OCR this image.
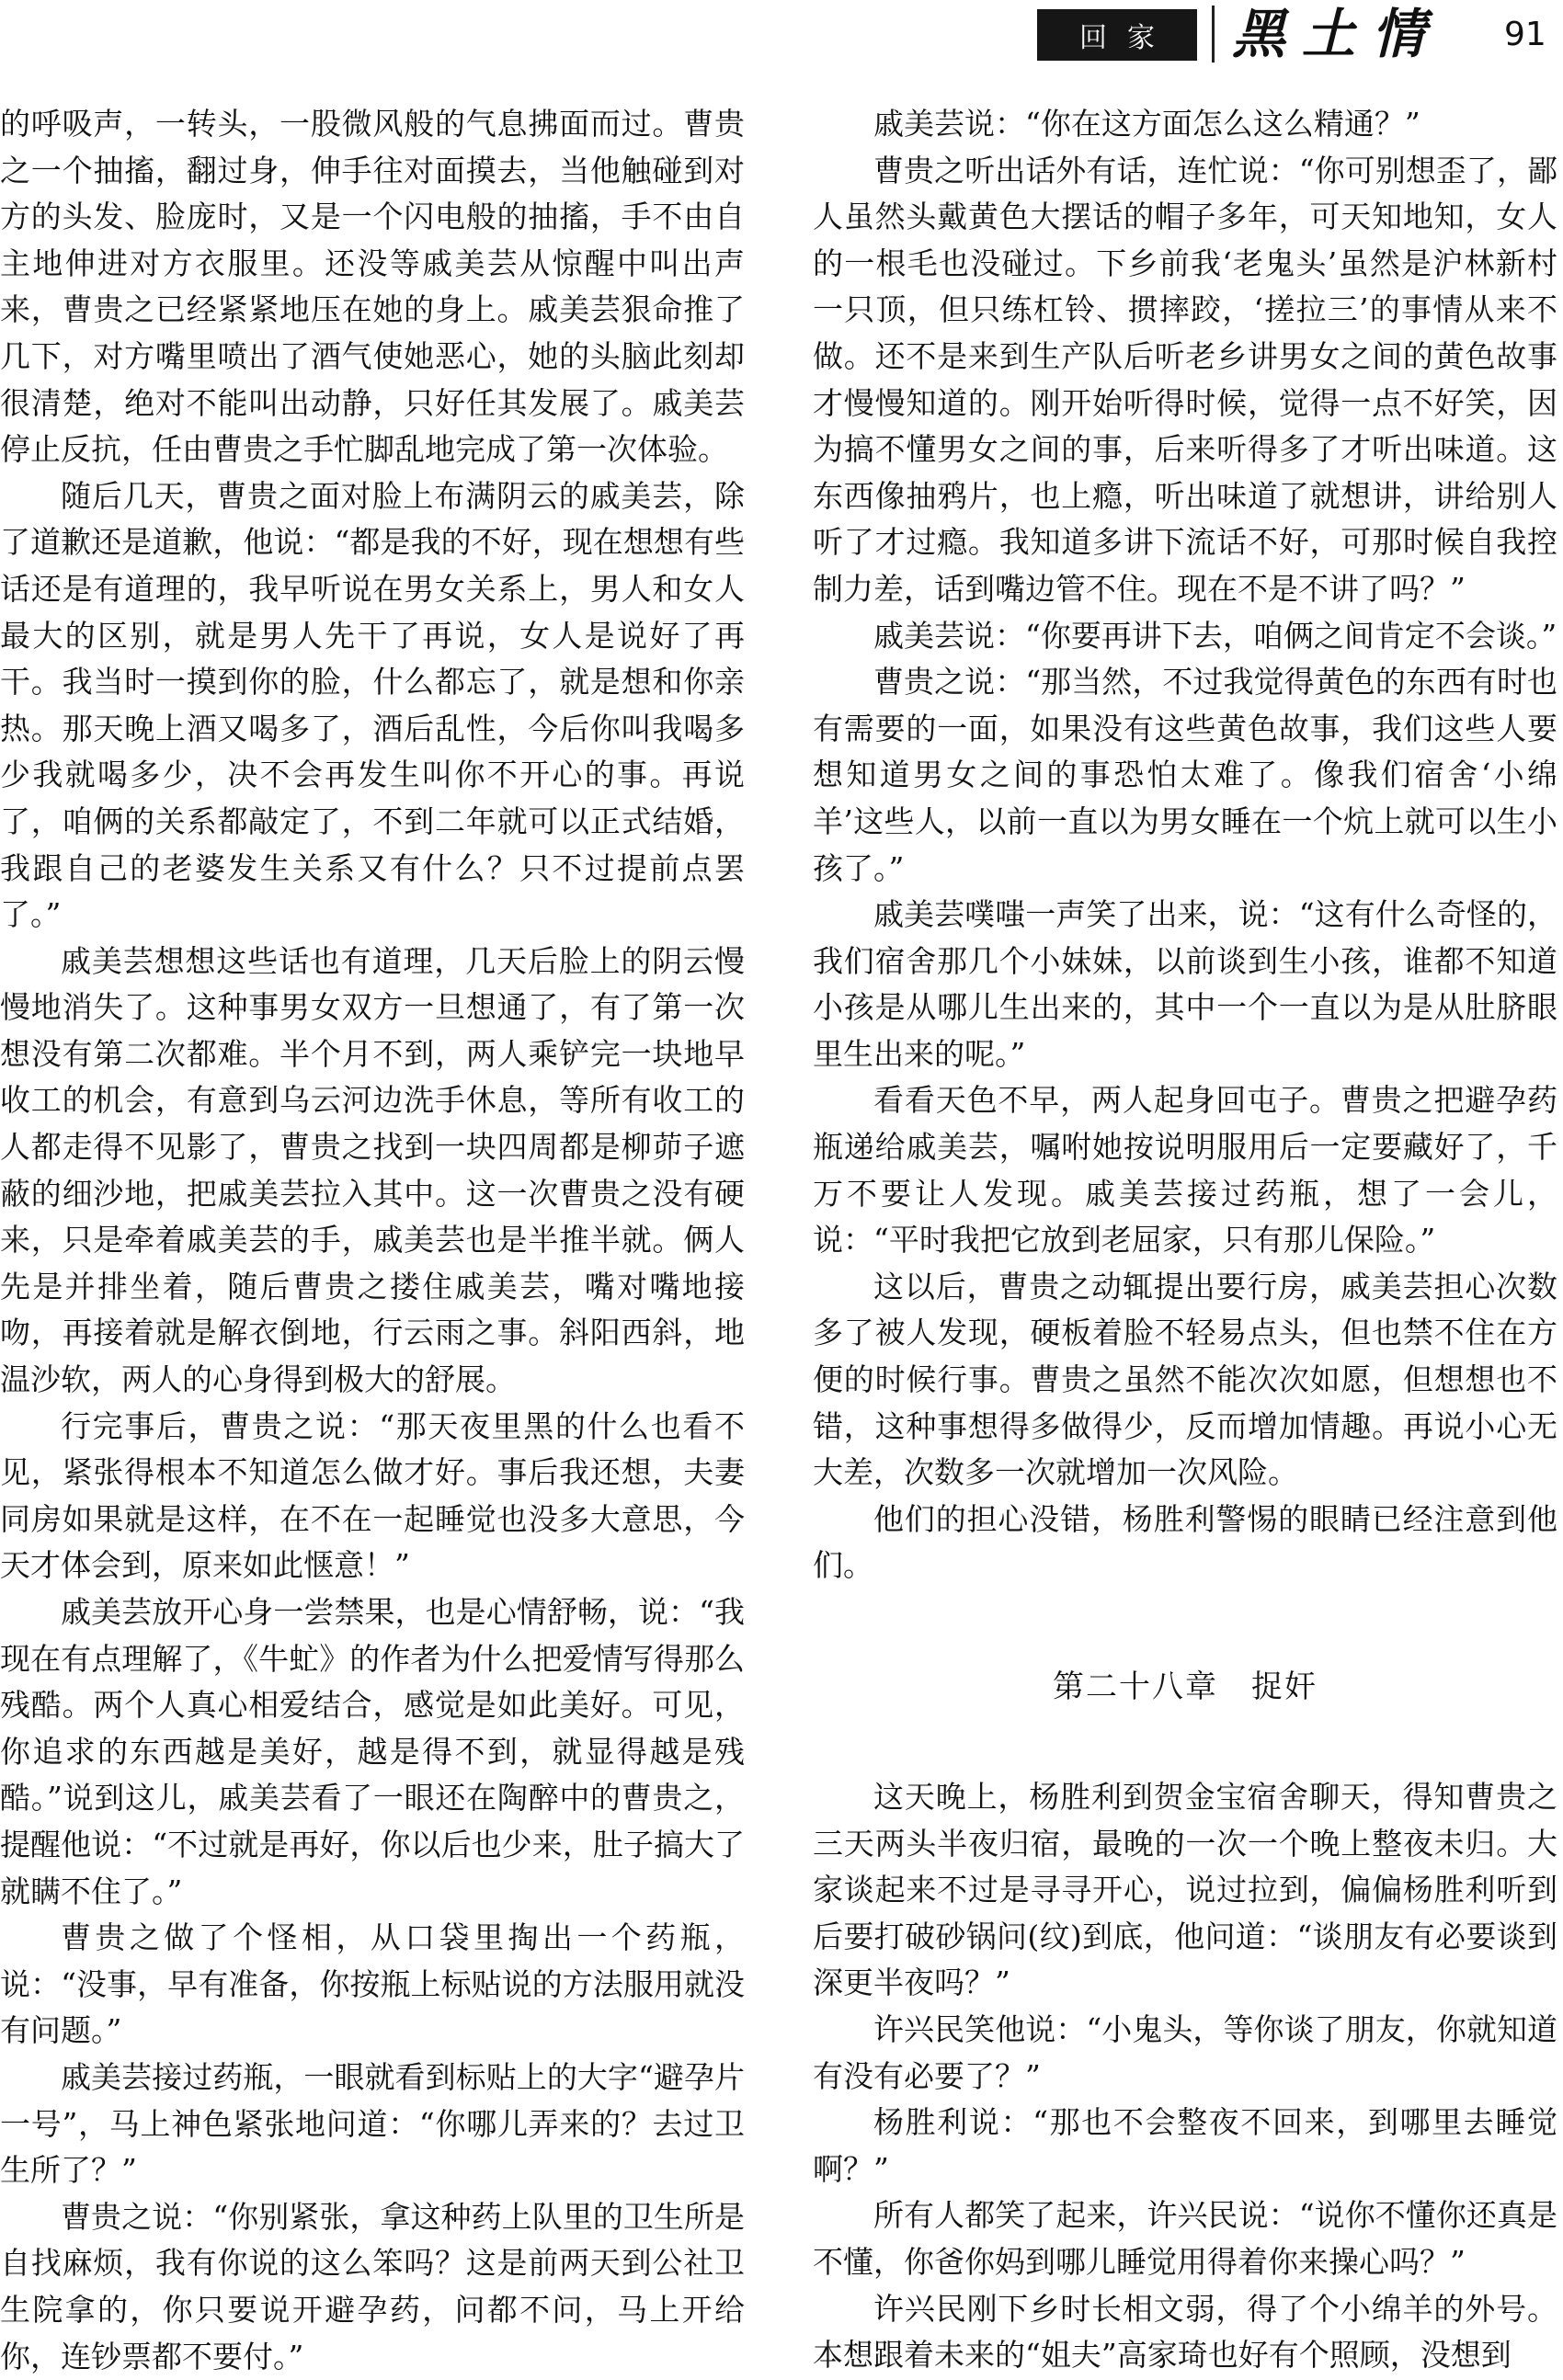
回家	黑土情 91

的呼吸声，一转头，一股微风般的气息拂面而过。曹贵之一个抽搐，翻过身，伸手往对面摸去，当他触碰到对方的头发、脸庞时，又是一个闪电般的抽搐，手不由自主地伸进对方衣服里。还没等戚美芸从惊醒中叫出声来，曹贵之已经紧紧地压在她的身上。戚美芸狠命推了几下，对方嘴里喷出了酒气使她恶心，她的头脑此刻却很清楚，绝对不能叫出动静，只好任其发展了。戚美芸停止反抗，任由曹贵之手忙脚乱地完成了第一次体验。

随后几天，曹贵之面对脸上布满阴云的戚美芸，除了道歉还是道歉，他说：“都是我的不好，现在想想有些话还是有道理的，我早听说在男女关系上，男人和女人最大的区别，就是男人先干了再说，女人是说好了再干。我当时一摸到你的脸，什么都忘了，就是想和你亲热。那天晚上酒又喝多了，酒后乱性，今后你叫我喝多少我就喝多少，决不会再发生叫你不开心的事。再说了，咱俩的关系都敲定了，不到二年就可以正式结婚，我跟自己的老婆发生关系又有什么？只不过提前点罢了。”

戚美芸想想这些话也有道理，几天后脸上的阴云慢慢地消失了。这种事男女双方一旦想通了，有了第一次想没有第二次都难。半个月不到，两人乘铲完一块地早收工的机会，有意到乌云河边洗手休息，等所有收工的人都走得不见影了，曹贵之找到一块四周都是柳茆子遮蔽的细沙地，把戚美芸拉入其中。这一次曹贵之没有硬来，只是牵着戚美芸的手，戚美芸也是半推半就。俩人先是并排坐着，随后曹贵之搂住戚美芸，嘴对嘴地接吻，再接着就是解衣倒地，行云雨之事。斜阳西斜，地温沙软，两人的心身得到极大的舒展。

行完事后，曹贵之说：“那天夜里黑的什么也看不见，紧张得根本不知道怎么做才好。事后我还想，夫妻同房如果就是这样，在不在一起睡觉也没多大意思，今天才体会到，原来如此惬意！”

戚美芸放开心身一尝禁果，也是心情舒畅，说：“我现在有点理解了，《牛虻》的作者为什么把爱情写得那么残酷。两个人真心相爱结合，感觉是如此美好。可见，你追求的东西越是美好，越是得不到，就显得越是残酷。”说到这儿，戚美芸看了一眼还在陶醉中的曹贵之，提醒他说：“不过就是再好，你以后也少来，肚子搞大了就瞒不住了。”

曹贵之做了个怪相，从口袋里掏出一个药瓶，说：“没事，早有准备，你按瓶上标贴说的方法服用就没有问题。”

戚美芸接过药瓶，一眼就看到标贴上的大字“避孕片一号”，马上神色紧张地问道：“你哪儿弄来的？去过卫生所了？”

曹贵之说：“你别紧张，拿这种药上队里的卫生所是自找麻烦，我有你说的这么笨吗？这是前两天到公社卫生院拿的，你只要说开避孕药，问都不问，马上开给你，连钞票都不要付。”

戚美芸说：“你在这方面怎么这么精通？”

曹贵之听出话外有话，连忙说：“你可别想歪了，鄙人虽然头戴黄色大摆话的帽子多年，可天知地知，女人的一根毛也没碰过。下乡前我‘老鬼头’虽然是沪林新村一只顶，但只练杠铃、掼摔跤，‘搓拉三’的事情从来不做。还不是来到生产队后听老乡讲男女之间的黄色故事才慢慢知道的。刚开始听得时候，觉得一点不好笑，因为搞不懂男女之间的事，后来听得多了才听出味道。这东西像抽鸦片，也上瘾，听出味道了就想讲，讲给别人听了才过瘾。我知道多讲下流话不好，可那时候自我控制力差，话到嘴边管不住。现在不是不讲了吗？”

戚美芸说：“你要再讲下去，咱俩之间肯定不会谈。”

曹贵之说：“那当然，不过我觉得黄色的东西有时也有需要的一面，如果没有这些黄色故事，我们这些人要想知道男女之间的事恐怕太难了。像我们宿舍‘小绵羊’这些人，以前一直以为男女睡在一个炕上就可以生小孩了。”

戚美芸噗嗤一声笑了出来，说：“这有什么奇怪的，我们宿舍那几个小妹妹，以前谈到生小孩，谁都不知道小孩是从哪儿生出来的，其中一个一直以为是从肚脐眼里生出来的呢。”

看看天色不早，两人起身回屯子。曹贵之把避孕药瓶递给戚美芸，嘱咐她按说明服用后一定要藏好了，千万不要让人发现。戚美芸接过药瓶，想了一会儿，说：“平时我把它放到老屈家，只有那儿保险。”

这以后，曹贵之动辄提出要行房，戚美芸担心次数多了被人发现，硬板着脸不轻易点头，但也禁不住在方便的时候行事。曹贵之虽然不能次次如愿，但想想也不错，这种事想得多做得少，反而增加情趣。再说小心无大差，次数多一次就增加一次风险。

他们的担心没错，杨胜利警惕的眼睛已经注意到他们。

第二十八章　捉奸

这天晚上，杨胜利到贺金宝宿舍聊天，得知曹贵之三天两头半夜归宿，最晚的一次一个晚上整夜未归。大家谈起来不过是寻寻开心，说过拉到，偏偏杨胜利听到后要打破砂锅问(纹)到底，他问道：“谈朋友有必要谈到深更半夜吗？”

许兴民笑他说：“小鬼头，等你谈了朋友，你就知道有没有必要了？”

杨胜利说：“那也不会整夜不回来，到哪里去睡觉啊？”

所有人都笑了起来，许兴民说：“说你不懂你还真是不懂，你爸你妈到哪儿睡觉用得着你来操心吗？”

许兴民刚下乡时长相文弱，得了个小绵羊的外号。本想跟着未来的“姐夫”高家琦也好有个照顾，没想到
